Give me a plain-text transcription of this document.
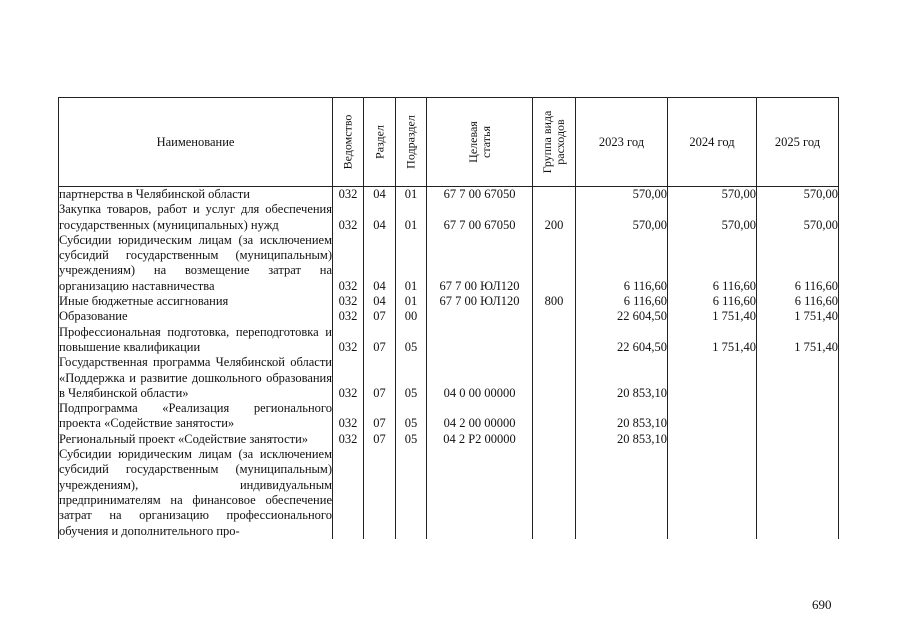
Наименование	Ведомство	Раздел	Подраздел	Целевая
статья	Группа вида
расходов	2023 год	2024 год	2025 год
партнерства в Челябинской области	032	04	01	67 7 00 67050		570,00	570,00	570,00
Закупка товаров, работ и услуг для обеспечения государственных (муниципальных) нужд	032	04	01	67 7 00 67050	200	570,00	570,00	570,00
Субсидии юридическим лицам (за исключением субсидий государственным (муниципальным) учреждениям) на возмещение затрат на организацию наставничества	032	04	01	67 7 00 ЮЛ120		6 116,60	6 116,60	6 116,60
Иные бюджетные ассигнования	032	04	01	67 7 00 ЮЛ120	800	6 116,60	6 116,60	6 116,60
Образование	032	07	00			22 604,50	1 751,40	1 751,40
Профессиональная подготовка, переподготовка и повышение квалификации	032	07	05			22 604,50	1 751,40	1 751,40
Государственная программа Челябинской области «Поддержка и развитие дошкольного образования в Челябинской области»	032	07	05	04 0 00 00000		20 853,10		
Подпрограмма «Реализация регионального проекта «Содействие занятости»	032	07	05	04 2 00 00000		20 853,10		
Региональный проект «Содействие занятости»	032	07	05	04 2 P2 00000		20 853,10		
Субсидии юридическим лицам (за исключением субсидий государственным (муниципальным) учреждениям), индивидуальным предпринимателям на финансовое обеспечение затрат на организацию профессионального обучения и дополнительного про-								
690
